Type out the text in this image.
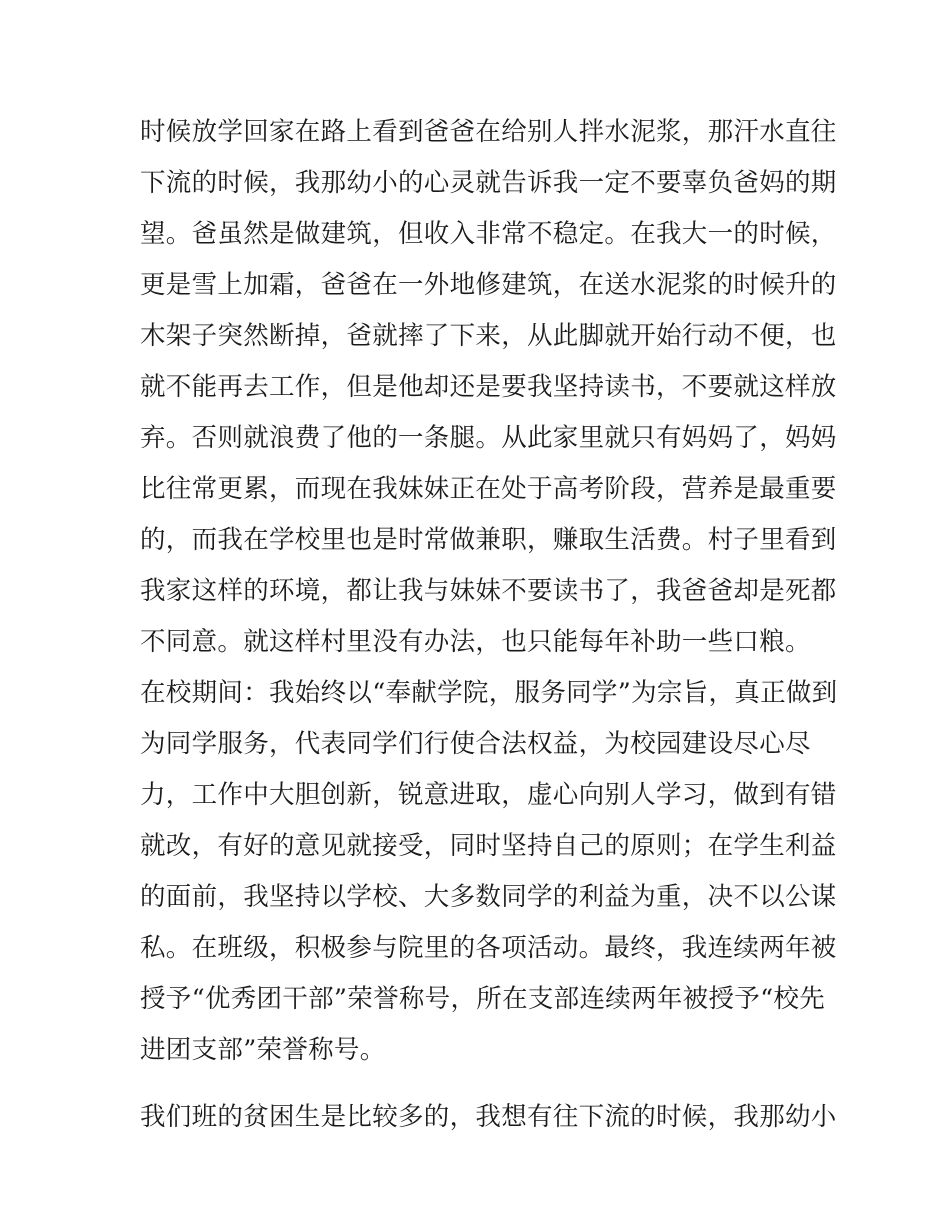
时候放学回家在路上看到爸爸在给别人拌水泥浆，那汗水直往
下流的时候，我那幼小的心灵就告诉我一定不要辜负爸妈的期
望。爸虽然是做建筑，但收入非常不稳定。在我大一的时候，
更是雪上加霜，爸爸在一外地修建筑，在送水泥浆的时候升的
木架子突然断掉，爸就摔了下来，从此脚就开始行动不便，也
就不能再去工作，但是他却还是要我坚持读书，不要就这样放
弃。否则就浪费了他的一条腿。从此家里就只有妈妈了，妈妈
比往常更累，而现在我妹妹正在处于高考阶段，营养是最重要
的，而我在学校里也是时常做兼职，赚取生活费。村子里看到
我家这样的环境，都让我与妹妹不要读书了，我爸爸却是死都
不同意。就这样村里没有办法，也只能每年补助一些口粮。
在校期间：我始终以“奉献学院，服务同学”为宗旨，真正做到
为同学服务，代表同学们行使合法权益，为校园建设尽心尽
力，工作中大胆创新，锐意进取，虚心向别人学习，做到有错
就改，有好的意见就接受，同时坚持自己的原则；在学生利益
的面前，我坚持以学校、大多数同学的利益为重，决不以公谋
私。在班级，积极参与院里的各项活动。最终，我连续两年被
授予“优秀团干部”荣誉称号，所在支部连续两年被授予“校先
进团支部”荣誉称号。
我们班的贫困生是比较多的，我想有往下流的时候，我那幼小
